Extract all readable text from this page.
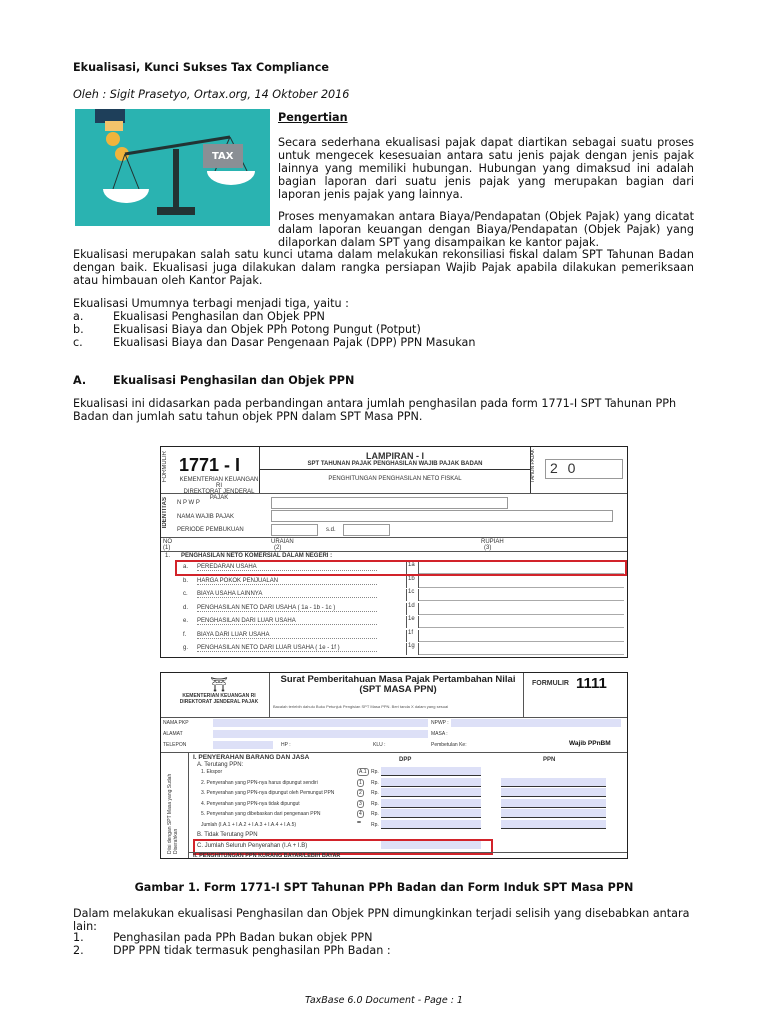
Ekualisasi, Kunci Sukses Tax Compliance
Oleh : Sigit Prasetyo, Ortax.org, 14 Oktober 2016
TAX
Pengertian

Secara sederhana ekualisasi pajak dapat diartikan sebagai suatu proses untuk mengecek kesesuaian antara satu jenis pajak dengan jenis pajak lainnya yang memiliki hubungan. Hubungan yang dimaksud ini adalah bagian laporan dari suatu jenis pajak yang merupakan bagian dari laporan jenis pajak yang lainnya.

Proses menyamakan antara Biaya/Pendapatan (Objek Pajak) yang dicatat dalam laporan keuangan dengan Biaya/Pendapatan (Objek Pajak) yang dilaporkan dalam SPT yang disampaikan ke kantor pajak.

Ekualisasi merupakan salah satu kunci utama dalam melakukan rekonsiliasi fiskal dalam SPT Tahunan Badan dengan baik. Ekualisasi juga dilakukan dalam rangka persiapan Wajib Pajak apabila dilakukan pemeriksaan atau himbauan oleh Kantor Pajak.

Ekualisasi Umumnya terbagi menjadi tiga, yaitu :

a.	Ekualisasi Penghasilan dan Objek PPN
b.	Ekualisasi Biaya dan Objek PPh Potong Pungut (Potput)
c.	Ekualisasi Biaya dan Dasar Pengenaan Pajak (DPP) PPN Masukan
A.	Ekualisasi Penghasilan dan Objek PPN

Ekualisasi ini didasarkan pada perbandingan antara jumlah penghasilan pada form 1771-I SPT Tahunan PPh Badan dan jumlah satu tahun objek PPN dalam SPT Masa PPN.

FORMULIR 1771 - I
KEMENTERIAN KEUANGAN RI
DIREKTORAT JENDERAL PAJAK
LAMPIRAN - I
SPT TAHUNAN PAJAK PENGHASILAN WAJIB PAJAK BADAN
PENGHITUNGAN PENGHASILAN NETO FISKAL	TAHUN PAJAK	2 0
IDENTITAS N P W P
NAMA WAJIB PAJAK
PERIODE PEMBUKUAN	s.d.
NO	URAIAN	RUPIAH
(1)	(2)	(3)
1. PENGHASILAN NETO KOMERSIAL DALAM NEGERI :
a. PEREDARAN USAHA	1a
b. HARGA POKOK PENJUALAN	1b
c. BIAYA USAHA LAINNYA	1c
d. PENGHASILAN NETO DARI USAHA ( 1a - 1b - 1c )	1d
e. PENGHASILAN DARI LUAR USAHA	1e
f. BIAYA DARI LUAR USAHA	1f
g. PENGHASILAN NETO DARI LUAR USAHA ( 1e - 1f )	1g
⛩
KEMENTERIAN KEUANGAN RI
DIREKTORAT JENDERAL PAJAK
Surat Pemberitahuan Masa Pajak Pertambahan Nilai
(SPT MASA PPN)
Bacalah terlebih dahulu Buku Petunjuk Pengisian SPT Masa PPN. Beri tanda X dalam yang sesuai
FORMULIR 1111
NAMA PKP
ALAMAT
TELEPON	HP :	KLU :
NPWP :
MASA :
Pembetulan Ke:	Wajib PPnBM
Diisi dengan SPT Masa yang Sudah Diserahkan
I. PENYERAHAN BARANG DAN JASA	DPP	PPN
A. Terutang PPN:
1. Ekspor	A.1 Rp.
2. Penyerahan yang PPN-nya harus dipungut sendiri	1	Rp.
3. Penyerahan yang PPN-nya dipungut oleh Pemungut PPN	2	Rp.
4. Penyerahan yang PPN-nya tidak dipungut	3	Rp.
5. Penyerahan yang dibebaskan dari pengenaan PPN	4	Rp.
Jumlah (I.A.1 + I.A.2 + I.A.3 + I.A.4 + I.A.5)	Rp.
B. Tidak Terutang PPN
C. Jumlah Seluruh Penyerahan (I.A + I.B)
II. PENGHITUNGAN PPN KURANG BAYAR/LEBIH BAYAR
Gambar 1. Form 1771-I SPT Tahunan PPh Badan dan Form Induk SPT Masa PPN

Dalam melakukan ekualisasi Penghasilan dan Objek PPN dimungkinkan terjadi selisih yang disebabkan antara lain:

1.	Penghasilan pada PPh Badan bukan objek PPN
2.	DPP PPN tidak termasuk penghasilan PPh Badan :
TaxBase 6.0 Document - Page : 1
